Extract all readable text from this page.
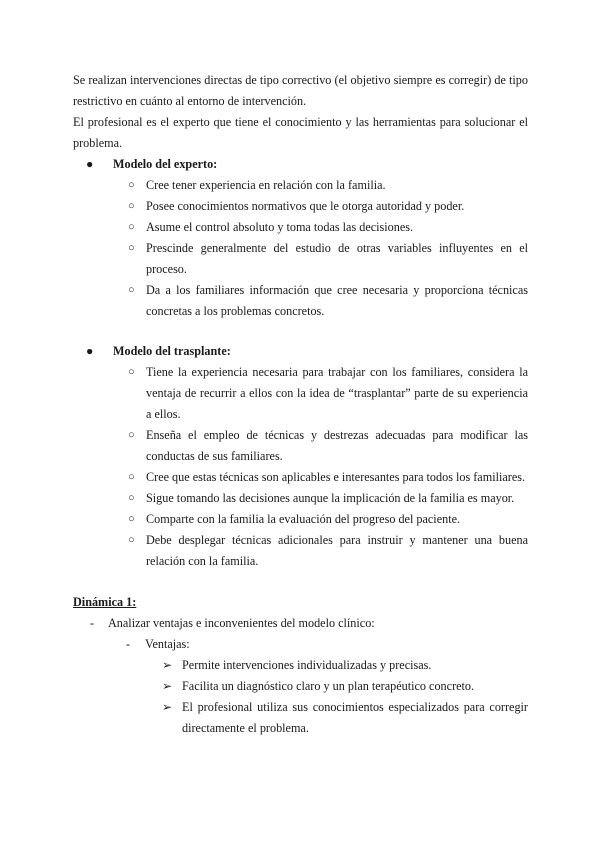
Se realizan intervenciones directas de tipo correctivo (el objetivo siempre es corregir) de tipo restrictivo en cuánto al entorno de intervención.

El profesional es el experto que tiene el conocimiento y las herramientas para solucionar el problema.

● Modelo del experto:
○ Cree tener experiencia en relación con la familia.
○ Posee conocimientos normativos que le otorga autoridad y poder.
○ Asume el control absoluto y toma todas las decisiones.
○ Prescinde generalmente del estudio de otras variables influyentes en el proceso.
○ Da a los familiares información que cree necesaria y proporciona técnicas concretas a los problemas concretos.
● Modelo del trasplante:
○ Tiene la experiencia necesaria para trabajar con los familiares, considera la ventaja de recurrir a ellos con la idea de “trasplantar” parte de su experiencia a ellos.
○ Enseña el empleo de técnicas y destrezas adecuadas para modificar las conductas de sus familiares.
○ Cree que estas técnicas son aplicables e interesantes para todos los familiares.
○ Sigue tomando las decisiones aunque la implicación de la familia es mayor.
○ Comparte con la familia la evaluación del progreso del paciente.
○ Debe desplegar técnicas adicionales para instruir y mantener una buena relación con la familia.

Dinámica 1:

- Analizar ventajas e inconvenientes del modelo clínico:

- Ventajas:

➢ Permite intervenciones individualizadas y precisas.
➢ Facilita un diagnóstico claro y un plan terapéutico concreto.
➢ El profesional utiliza sus conocimientos especializados para corregir directamente el problema.
